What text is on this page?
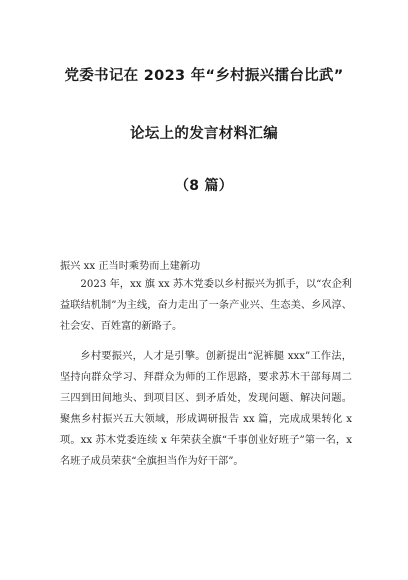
党委书记在 2023 年“乡村振兴擂台比武”
论坛上的发言材料汇编
（8 篇）
振兴 xx 正当时乘势而上建新功
2023 年，xx 旗 xx 苏木党委以乡村振兴为抓手，以“农企利益联结机制”为主线，奋力走出了一条产业兴、生态美、乡风淳、社会安、百姓富的新路子。
乡村要振兴，人才是引擎。创新提出“泥裤腿 xxx”工作法，坚持向群众学习、拜群众为师的工作思路，要求苏木干部每周二三四到田间地头、到项目区、到矛盾处，发现问题、解决问题。聚焦乡村振兴五大领域，形成调研报告 xx 篇，完成成果转化 x 项。xx 苏木党委连续 x 年荣获全旗“千事创业好班子”第一名，x 名班子成员荣获“全旗担当作为好干部”。
